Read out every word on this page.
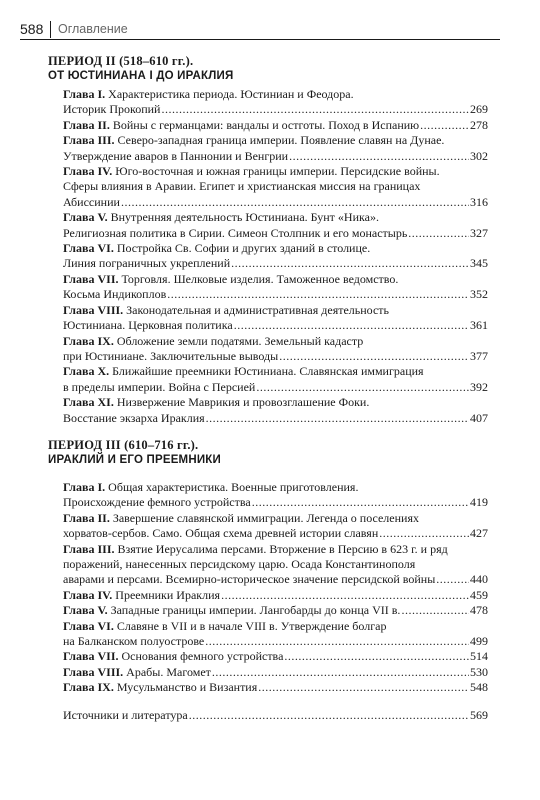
588 Оглавление
ПЕРИОД II (518–610 гг.).
ОТ ЮСТИНИАНА I ДО ИРАКЛИЯ
Глава I. Характеристика периода. Юстиниан и Феодора.
Историк Прокопий .....	269
Глава II. Войны с германцами: вандалы и остготы. Поход в Испанию .....	278
Глава III. Северо-западная граница империи. Появление славян на Дунае.
Утверждение аваров в Паннонии и Венгрии .....	302
Глава IV. Юго-восточная и южная границы империи. Персидские войны.
Сферы влияния в Аравии. Египет и христианская миссия на границах
Абиссинии .....	316
Глава V. Внутренняя деятельность Юстиниана. Бунт «Ника».
Религиозная политика в Сирии. Симеон Столпник и его монастырь .....	327
Глава VI. Постройка Св. Софии и других зданий в столице.
Линия пограничных укреплений .....	345
Глава VII. Торговля. Шелковые изделия. Таможенное ведомство.
Косьма Индикоплов .....	352
Глава VIII. Законодательная и административная деятельность
Юстиниана. Церковная политика .....	361
Глава IX. Обложение земли податями. Земельный кадастр
при Юстиниане. Заключительные выводы .....	377
Глава X. Ближайшие преемники Юстиниана. Славянская иммиграция
в пределы империи. Война с Персией .....	392
Глава XI. Низвержение Маврикия и провозглашение Фоки.
Восстание экзарха Ираклия .....	407
ПЕРИОД III (610–716 гг.).
ИРАКЛИЙ И ЕГО ПРЕЕМНИКИ
Глава I. Общая характеристика. Военные приготовления.
Происхождение фемного устройства .....	419
Глава II. Завершение славянской иммиграции. Легенда о поселениях
хорватов-сербов. Само. Общая схема древней истории славян .....	427
Глава III. Взятие Иерусалима персами. Вторжение в Персию в 623 г. и ряд
поражений, нанесенных персидскому царю. Осада Константинополя
аварами и персами. Всемирно-историческое значение персидской войны .....	440
Глава IV. Преемники Ираклия .....	459
Глава V. Западные границы империи. Лангобарды до конца VII в. .....	478
Глава VI. Славяне в VII и в начале VIII в. Утверждение болгар
на Балканском полуострове .....	499
Глава VII. Основания фемного устройства .....	514
Глава VIII. Арабы. Магомет .....	530
Глава IX. Мусульманство и Византия .....	548
Источники и литература .....	569
